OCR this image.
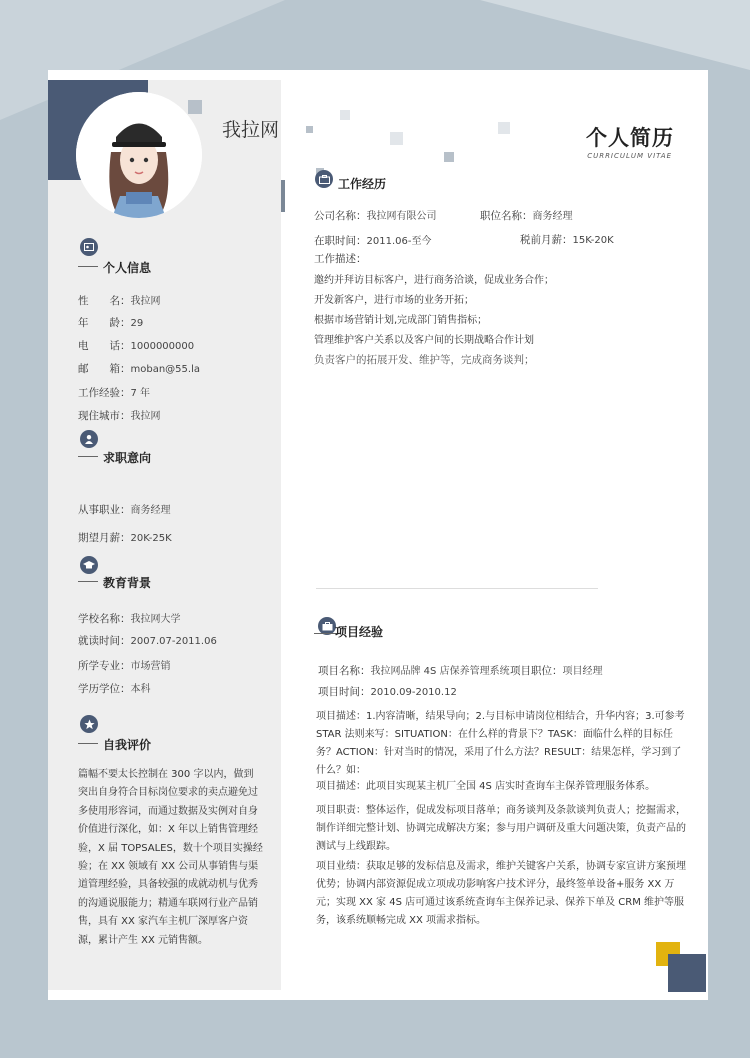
我拉网	个人简历
CURRICULUM VITAE
个人信息
性　　名：我拉网
年　　龄：29
电　　话：1000000000
邮　　箱：moban@55.la
工作经验：7 年
现住城市：我拉网
求职意向
从事职业：商务经理
期望月薪：20K-25K
教育背景
学校名称：我拉网大学
就读时间：2007.07-2011.06
所学专业：市场营销
学历学位：本科
自我评价
篇幅不要太长控制在 300 字以内，做到突出自身符合目标岗位要求的卖点避免过多使用形容词，而通过数据及实例对自身价值进行深化，如：X 年以上销售管理经验，X 届 TOPSALES，数十个项目实操经验；在 XX 领域有 XX 公司从事销售与渠道管理经验，具备较强的成就动机与优秀的沟通说服能力；精通车联网行业产品销售，具有 XX 家汽车主机厂深厚客户资源，累计产生 XX 元销售额。
工作经历
公司名称：我拉网有限公司	职位名称：商务经理
在职时间：2011.06-至今	税前月薪：15K-20K
工作描述：
邀约并拜访目标客户，进行商务洽谈，促成业务合作；
开发新客户，进行市场的业务开拓；
根据市场营销计划,完成部门销售指标；
管理维护客户关系以及客户间的长期战略合作计划
负责客户的拓展开发、维护等，完成商务谈判；
项目经验
项目名称：我拉网品牌 4S 店保养管理系统 项目职位：项目经理
项目时间：2010.09-2010.12
项目描述：1.内容清晰，结果导向；2.与目标申请岗位相结合，升华内容；3.可参考 STAR 法则来写：SITUATION：在什么样的背景下？TASK：面临什么样的目标任务？ACTION：针对当时的情况，采用了什么方法？RESULT：结果怎样，学习到了什么？如：
项目描述：此项目实现某主机厂全国 4S 店实时查询车主保养管理服务体系。
项目职责：整体运作，促成发标项目落单；商务谈判及条款谈判负责人；挖掘需求，制作详细完整计划、协调完成解决方案；参与用户调研及重大问题决策，负责产品的测试与上线跟踪。
项目业绩：获取足够的发标信息及需求，维护关键客户关系，协调专家宣讲方案预埋优势；协调内部资源促成立项成功影响客户技术评分，最终签单设备+服务 XX 万元；实现 XX 家 4S 店可通过该系统查询车主保养记录、保养下单及 CRM 维护等服务，该系统顺畅完成 XX 项需求指标。
